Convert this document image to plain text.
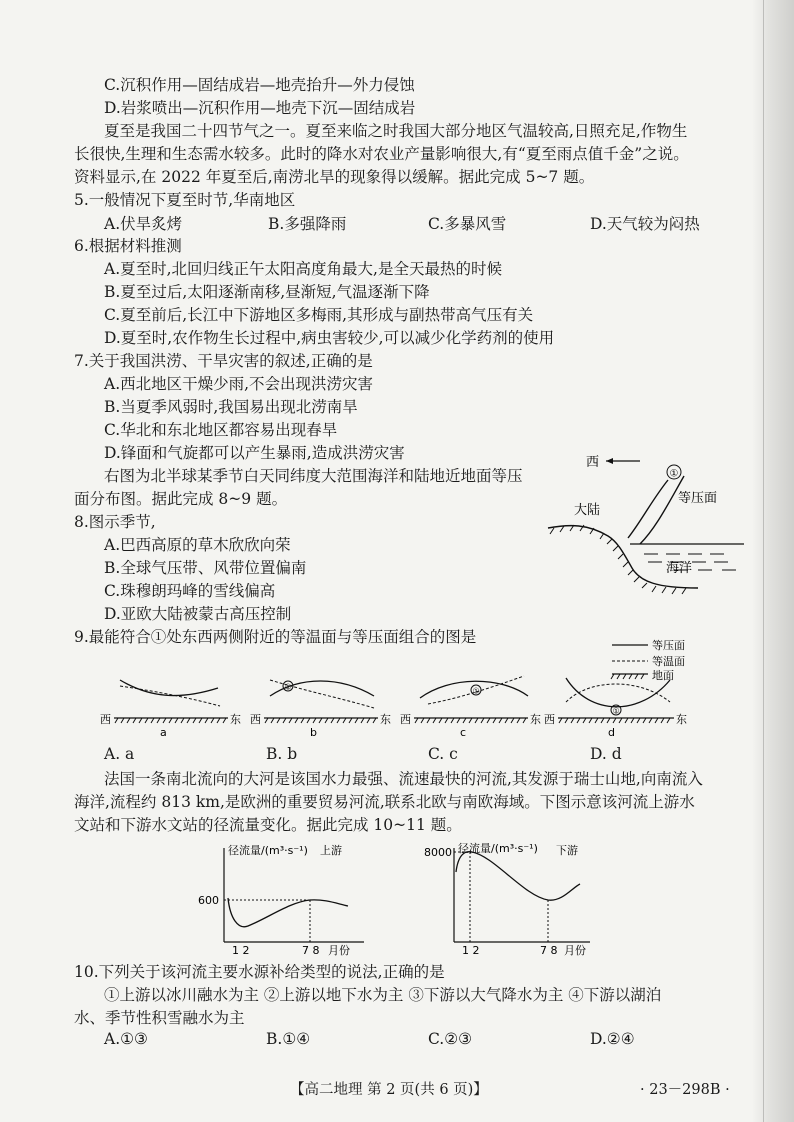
C.沉积作用—固结成岩—地壳抬升—外力侵蚀
D.岩浆喷出—沉积作用—地壳下沉—固结成岩
夏至是我国二十四节气之一。夏至来临之时我国大部分地区气温较高,日照充足,作物生
长很快,生理和生态需水较多。此时的降水对农业产量影响很大,有“夏至雨点值千金”之说。
资料显示,在 2022 年夏至后,南涝北旱的现象得以缓解。据此完成 5~7 题。
5.一般情况下夏至时节,华南地区
A.伏旱炙烤	B.多强降雨	C.多暴风雪	D.天气较为闷热
6.根据材料推测
A.夏至时,北回归线正午太阳高度角最大,是全天最热的时候
B.夏至过后,太阳逐渐南移,昼渐短,气温逐渐下降
C.夏至前后,长江中下游地区多梅雨,其形成与副热带高气压有关
D.夏至时,农作物生长过程中,病虫害较少,可以减少化学药剂的使用
7.关于我国洪涝、干旱灾害的叙述,正确的是
A.西北地区干燥少雨,不会出现洪涝灾害
B.当夏季风弱时,我国易出现北涝南旱
C.华北和东北地区都容易出现春旱
D.锋面和气旋都可以产生暴雨,造成洪涝灾害
右图为北半球某季节白天同纬度大范围海洋和陆地近地面等压
面分布图。据此完成 8~9 题。
西
①
等压面
大陆
海洋
8.图示季节,
A.巴西高原的草木欣欣向荣
B.全球气压带、风带位置偏南
C.珠穆朗玛峰的雪线偏高
D.亚欧大陆被蒙古高压控制
9.最能符合①处东西两侧附近的等温面与等压面组合的图是	等压面
等温面
地面
西	东
a
①
西	东
b
①
西	东
c
①
西	东
d
A. a	B. b	C. c	D. d
法国一条南北流向的大河是该国水力最强、流速最快的河流,其发源于瑞士山地,向南流入
海洋,流程约 813 km,是欧洲的重要贸易河流,联系北欧与南欧海域。下图示意该河流上游水
文站和下游水文站的径流量变化。据此完成 10~11 题。
径流量/(m³·s⁻¹) 上游
600
1 2	7 8 月份
径流量/(m³·s⁻¹) 下游
8000
1 2	7 8 月份
10.下列关于该河流主要水源补给类型的说法,正确的是
①上游以冰川融水为主 ②上游以地下水为主 ③下游以大气降水为主 ④下游以湖泊
水、季节性积雪融水为主
A.①③	B.①④	C.②③	D.②④
【高二地理 第 2 页(共 6 页)】	· 23－298B ·
